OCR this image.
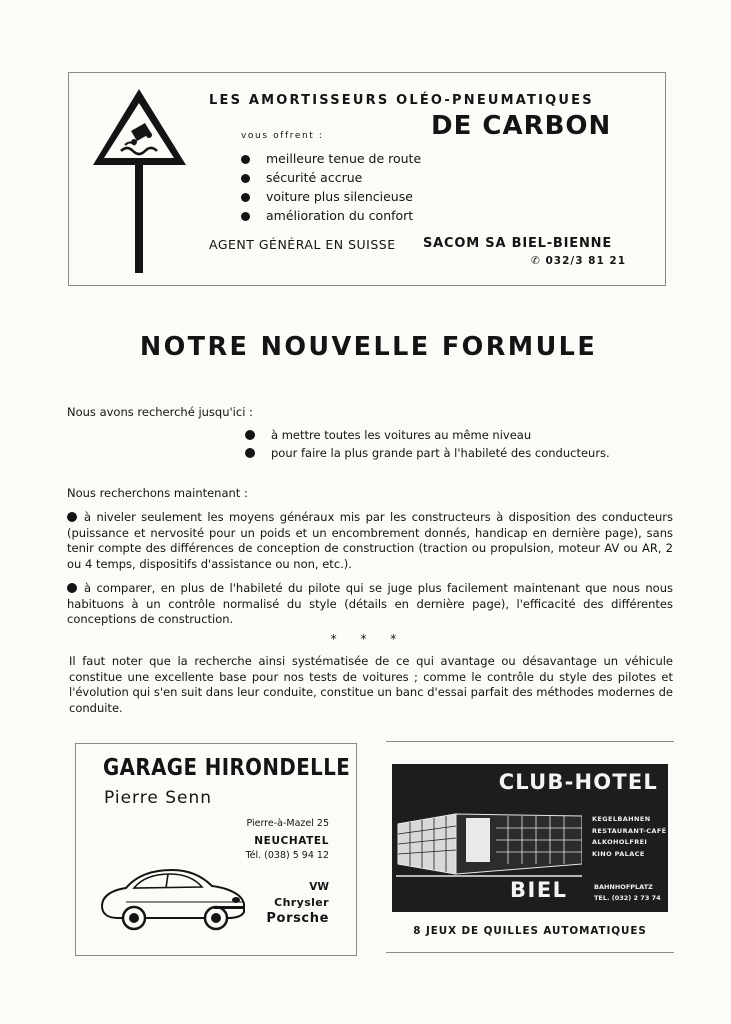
LES AMORTISSEURS OLÉO-PNEUMATIQUES
vous offrent :	DE CARBON
meilleure tenue de route
sécurité accrue
voiture plus silencieuse
amélioration du confort
AGENT GÉNÉRAL EN SUISSE SACOM SA BIEL-BIENNE
✆ 032/3 81 21
NOTRE NOUVELLE FORMULE
Nous avons recherché jusqu'ici :
à mettre toutes les voitures au même niveau
pour faire la plus grande part à l'habileté des conducteurs.
Nous recherchons maintenant :
à niveler seulement les moyens généraux mis par les constructeurs à disposition des conducteurs (puissance et nervosité pour un poids et un encombrement donnés, handicap en dernière page), sans tenir compte des différences de conception de construction (traction ou propulsion, moteur AV ou AR, 2 ou 4 temps, dispositifs d'assistance ou non, etc.).
à comparer, en plus de l'habileté du pilote qui se juge plus facilement maintenant que nous nous habituons à un contrôle normalisé du style (détails en dernière page), l'efficacité des différentes conceptions de construction.
* * *
Il faut noter que la recherche ainsi systématisée de ce qui avantage ou désavantage un véhicule constitue une excellente base pour nos tests de voitures ; comme le contrôle du style des pilotes et l'évolution qui s'en suit dans leur conduite, constitue un banc d'essai parfait des méthodes modernes de conduite.
GARAGE HIRONDELLE
Pierre Senn
Pierre-à-Mazel 25
NEUCHATEL
Tél. (038) 5 94 12
VW
Chrysler
Porsche
CLUB-HOTEL
KEGELBAHNEN
RESTAURANT-CAFÉ
ALKOHOLFREI
KINO PALACE
BIEL	BAHNHOFPLATZ
TEL. (032) 2 73 74
8 JEUX DE QUILLES AUTOMATIQUES
